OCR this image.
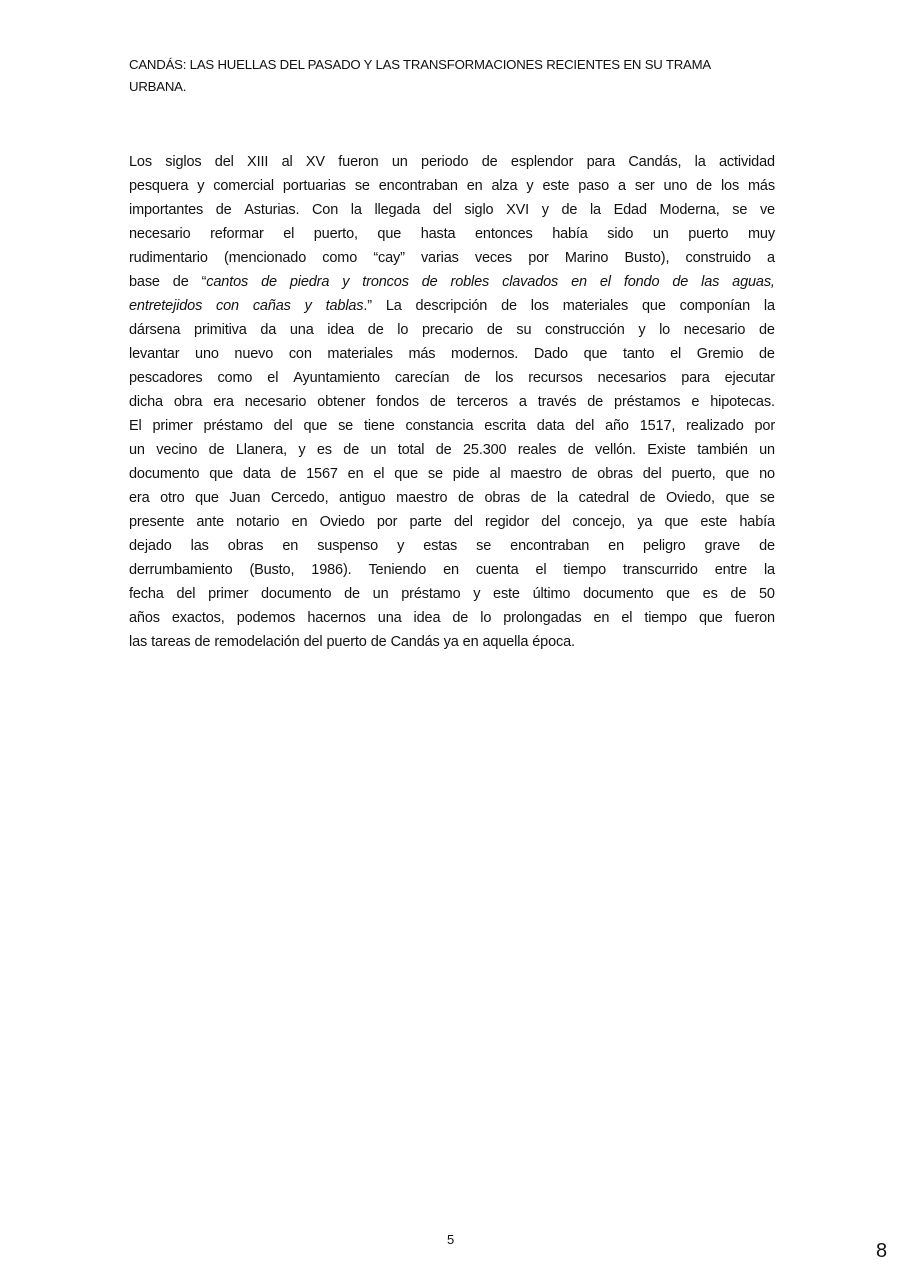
CANDÁS: LAS HUELLAS DEL PASADO Y LAS TRANSFORMACIONES RECIENTES EN SU TRAMA
URBANA.
Los siglos del XIII al XV fueron un periodo de esplendor para Candás, la actividad
pesquera y comercial portuarias se encontraban en alza y este paso a ser uno de los más
importantes de Asturias. Con la llegada del siglo XVI y de la Edad Moderna, se ve
necesario reformar el puerto, que hasta entonces había sido un puerto muy
rudimentario (mencionado como “cay” varias veces por Marino Busto), construido a
base de “cantos de piedra y troncos de robles clavados en el fondo de las aguas,
entretejidos con cañas y tablas.” La descripción de los materiales que componían la
dársena primitiva da una idea de lo precario de su construcción y lo necesario de
levantar uno nuevo con materiales más modernos. Dado que tanto el Gremio de
pescadores como el Ayuntamiento carecían de los recursos necesarios para ejecutar
dicha obra era necesario obtener fondos de terceros a través de préstamos e hipotecas.
El primer préstamo del que se tiene constancia escrita data del año 1517, realizado por
un vecino de Llanera, y es de un total de 25.300 reales de vellón. Existe también un
documento que data de 1567 en el que se pide al maestro de obras del puerto, que no
era otro que Juan Cercedo, antiguo maestro de obras de la catedral de Oviedo, que se
presente ante notario en Oviedo por parte del regidor del concejo, ya que este había
dejado las obras en suspenso y estas se encontraban en peligro grave de
derrumbamiento (Busto, 1986). Teniendo en cuenta el tiempo transcurrido entre la
fecha del primer documento de un préstamo y este último documento que es de 50
años exactos, podemos hacernos una idea de lo prolongadas en el tiempo que fueron
las tareas de remodelación del puerto de Candás ya en aquella época.
5
8
